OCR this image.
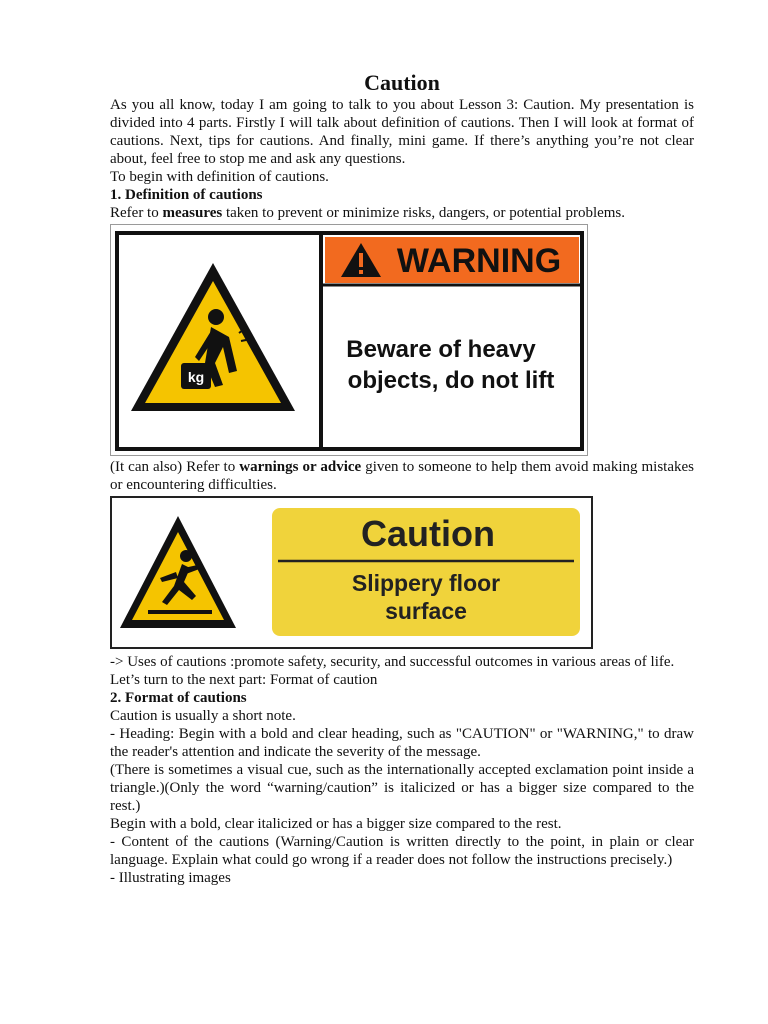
Caution

As you all know, today I am going to talk to you about Lesson 3: Caution. My presentation is divided into 4 parts. Firstly I will talk about definition of cautions. Then I will look at format of cautions. Next, tips for cautions. And finally, mini game. If there’s anything you’re not clear about, feel free to stop me and ask any questions.

To begin with definition of cautions.

1. Definition of cautions

Refer to measures taken to prevent or minimize risks, dangers, or potential problems.

kg
WARNING
Beware of heavy
objects, do not lift

(It can also) Refer to warnings or advice given to someone to help them avoid making mistakes or encountering difficulties.

Caution
Slippery floor
surface

-> Uses of cautions :promote safety, security, and successful outcomes in various areas of life.

Let’s turn to the next part: Format of caution

2. Format of cautions

Caution is usually a short note.

- Heading: Begin with a bold and clear heading, such as "CAUTION" or "WARNING," to draw the reader's attention and indicate the severity of the message.

(There is sometimes a visual cue, such as the internationally accepted exclamation point inside a triangle.)(Only the word “warning/caution” is italicized or has a bigger size compared to the rest.)

Begin with a bold, clear italicized or has a bigger size compared to the rest.

- Content of the cautions (Warning/Caution is written directly to the point, in plain or clear language. Explain what could go wrong if a reader does not follow the instructions precisely.)

- Illustrating images
